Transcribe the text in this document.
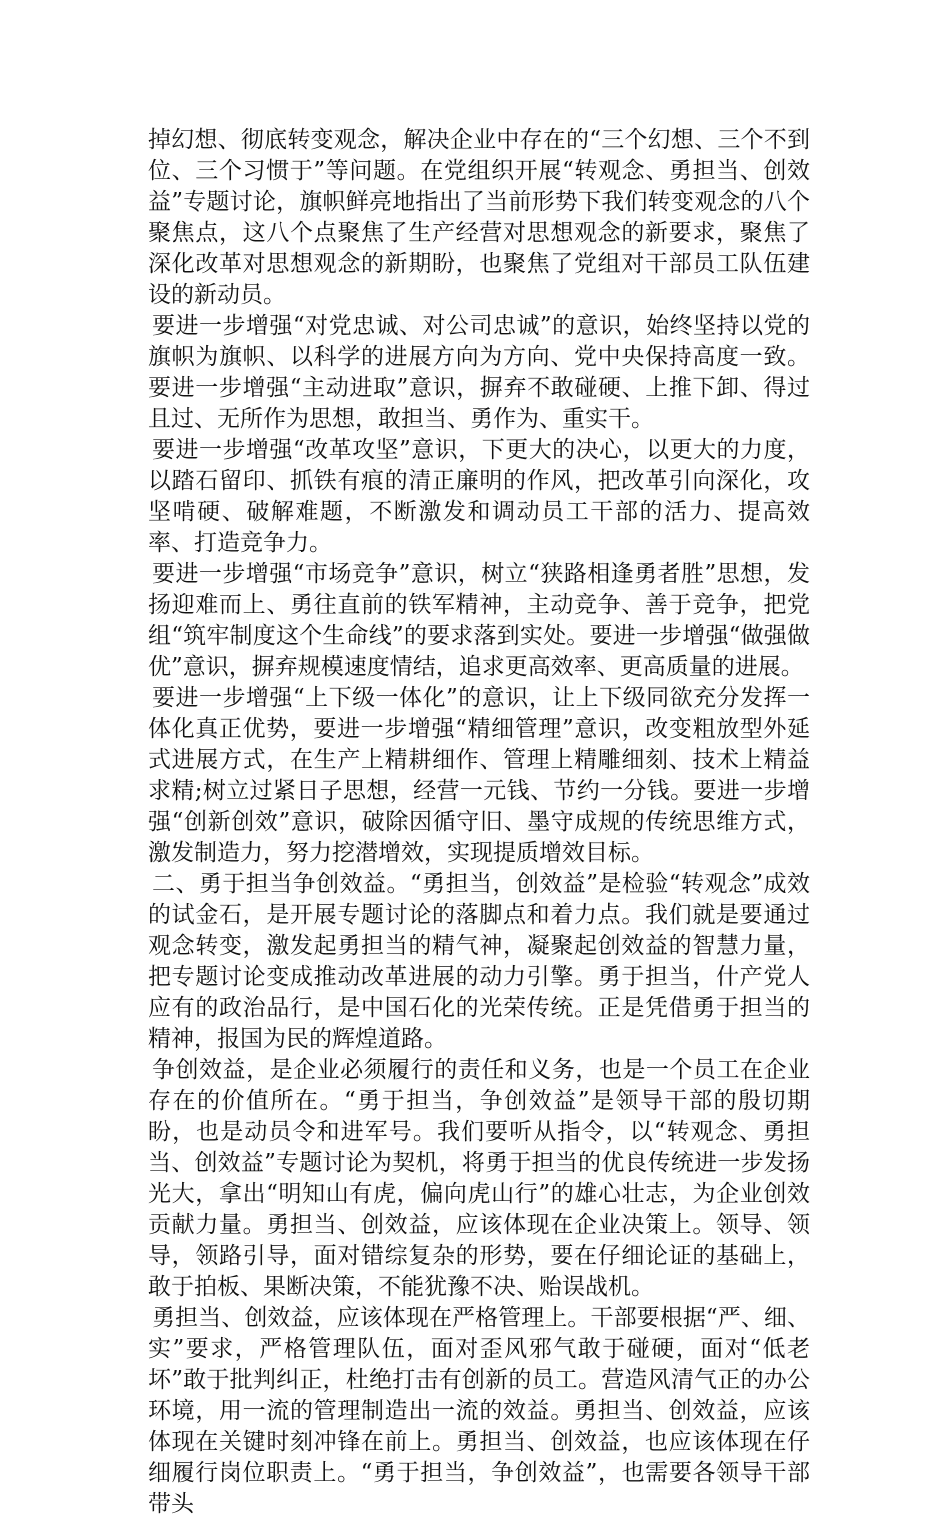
掉幻想、彻底转变观念，解决企业中存在的“三个幻想、三个不到位、三个习惯于”等问题。在党组织开展“转观念、勇担当、创效益”专题讨论，旗帜鲜亮地指出了当前形势下我们转变观念的八个聚焦点，这八个点聚焦了生产经营对思想观念的新要求，聚焦了深化改革对思想观念的新期盼，也聚焦了党组对干部员工队伍建设的新动员。

要进一步增强“对党忠诚、对公司忠诚”的意识，始终坚持以党的旗帜为旗帜、以科学的进展方向为方向、党中央保持高度一致。要进一步增强“主动进取”意识，摒弃不敢碰硬、上推下卸、得过且过、无所作为思想，敢担当、勇作为、重实干。

要进一步增强“改革攻坚”意识，下更大的决心，以更大的力度，以踏石留印、抓铁有痕的清正廉明的作风，把改革引向深化，攻坚啃硬、破解难题，不断激发和调动员工干部的活力、提高效率、打造竞争力。

要进一步增强“市场竞争”意识，树立“狭路相逢勇者胜”思想，发扬迎难而上、勇往直前的铁军精神，主动竞争、善于竞争，把党组“筑牢制度这个生命线”的要求落到实处。要进一步增强“做强做优”意识，摒弃规模速度情结，追求更高效率、更高质量的进展。

要进一步增强“上下级一体化”的意识，让上下级同欲充分发挥一体化真正优势，要进一步增强“精细管理”意识，改变粗放型外延式进展方式，在生产上精耕细作、管理上精雕细刻、技术上精益求精;树立过紧日子思想，经营一元钱、节约一分钱。要进一步增强“创新创效”意识，破除因循守旧、墨守成规的传统思维方式，激发制造力，努力挖潜增效，实现提质增效目标。

二、勇于担当争创效益。“勇担当，创效益”是检验“转观念”成效的试金石，是开展专题讨论的落脚点和着力点。我们就是要通过观念转变，激发起勇担当的精气神，凝聚起创效益的智慧力量，把专题讨论变成推动改革进展的动力引擎。勇于担当，什产党人应有的政治品行，是中国石化的光荣传统。正是凭借勇于担当的精神，报国为民的辉煌道路。

争创效益，是企业必须履行的责任和义务，也是一个员工在企业存在的价值所在。“勇于担当，争创效益”是领导干部的殷切期盼，也是动员令和进军号。我们要听从指令，以“转观念、勇担当、创效益”专题讨论为契机，将勇于担当的优良传统进一步发扬光大，拿出“明知山有虎，偏向虎山行”的雄心壮志，为企业创效贡献力量。勇担当、创效益，应该体现在企业决策上。领导、领导，领路引导，面对错综复杂的形势，要在仔细论证的基础上，敢于拍板、果断决策，不能犹豫不决、贻误战机。

勇担当、创效益，应该体现在严格管理上。干部要根据“严、细、实”要求，严格管理队伍，面对歪风邪气敢于碰硬，面对“低老坏”敢于批判纠正，杜绝打击有创新的员工。营造风清气正的办公环境，用一流的管理制造出一流的效益。勇担当、创效益，应该体现在关键时刻冲锋在前上。勇担当、创效益，也应该体现在仔细履行岗位职责上。“勇于担当，争创效益”，也需要各领导干部带头
